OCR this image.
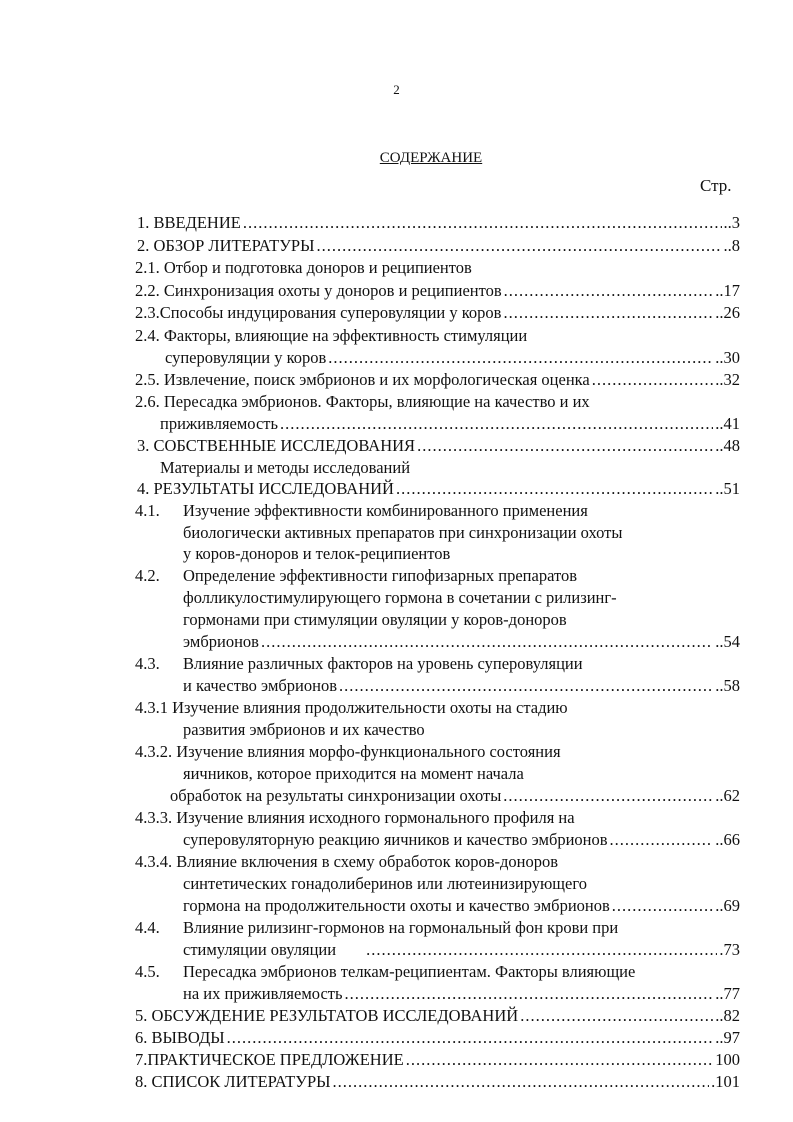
2
СОДЕРЖАНИЕ
Стр.
1. ВВЕДЕНИЕ .....	..3
2. ОБЗОР ЛИТЕРАТУРЫ .....	..8
2.1. Отбор и подготовка доноров и реципиентов
2.2. Синхронизация охоты у доноров и реципиентов .....	..17
2.3.Способы индуцирования суперовуляции у коров .....	..26
2.4. Факторы, влияющие на эффективность стимуляции
суперовуляции у коров .....	..30
2.5. Извлечение, поиск эмбрионов и их морфологическая оценка .....	..32
2.6. Пересадка эмбрионов. Факторы, влияющие на качество и их
приживляемость .....	..41
3. СОБСТВЕННЫЕ ИССЛЕДОВАНИЯ .....	..48
Материалы и методы исследований
4. РЕЗУЛЬТАТЫ ИССЛЕДОВАНИЙ .....	..51
4.1.	Изучение эффективности комбинированного применения
биологически активных препаратов при синхронизации охоты
у коров-доноров и телок-реципиентов
4.2.	Определение эффективности гипофизарных препаратов
фолликулостимулирующего гормона в сочетании с рилизинг-
гормонами при стимуляции овуляции у коров-доноров
эмбрионов .....	..54
4.3.	Влияние различных факторов на уровень суперовуляции
и качество эмбрионов .....	..58
4.3.1 Изучение влияния продолжительности охоты на стадию
развития эмбрионов и их качество
4.3.2. Изучение влияния морфо-функционального состояния
яичников, которое приходится на момент начала
обработок на результаты синхронизации охоты .....	..62
4.3.3. Изучение влияния исходного гормонального профиля на
суперовуляторную реакцию яичников и качество эмбрионов .....	..66
4.3.4. Влияние включения в схему обработок коров-доноров
синтетических гонадолиберинов или лютеинизирующего
гормона на продолжительности охоты и качество эмбрионов .....	..69
4.4.	Влияние рилизинг-гормонов на гормональный фон крови при
стимуляции овуляции .....	.73
4.5.	Пересадка эмбрионов телкам-реципиентам. Факторы влияющие
на их приживляемость .....	..77
5. ОБСУЖДЕНИЕ РЕЗУЛЬТАТОВ ИССЛЕДОВАНИЙ .....	..82
6. ВЫВОДЫ .....	..97
7.ПРАКТИЧЕСКОЕ ПРЕДЛОЖЕНИЕ .....	100
8. СПИСОК ЛИТЕРАТУРЫ .....	.101
